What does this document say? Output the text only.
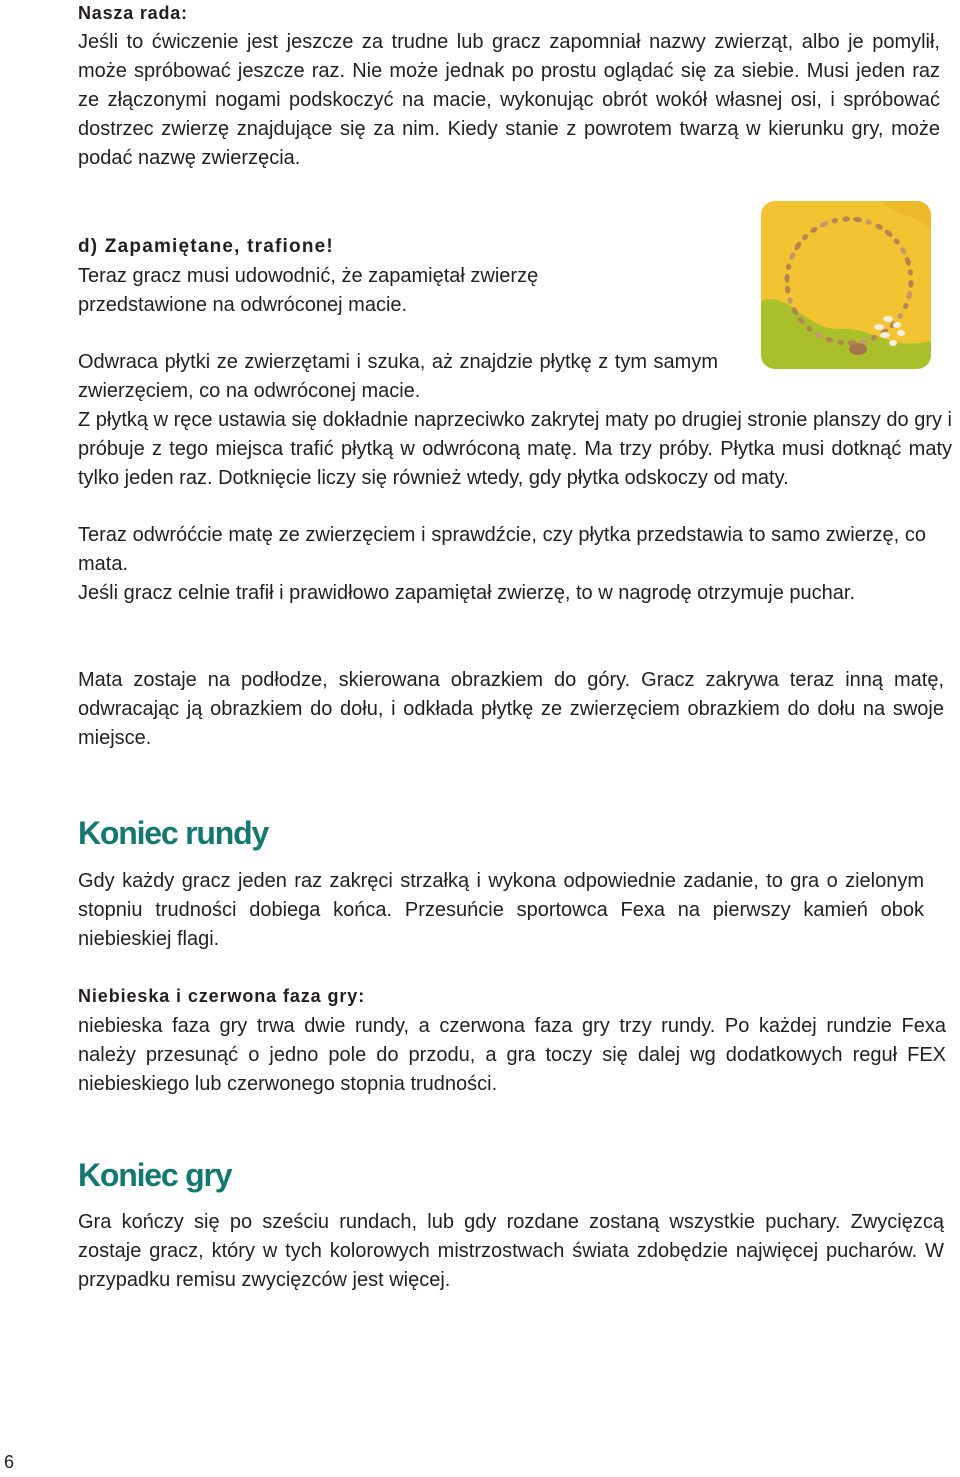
Nasza rada:

Jeśli to ćwiczenie jest jeszcze za trudne lub gracz zapomniał nazwy zwierząt, albo je pomylił, może spróbować jeszcze raz. Nie może jednak po prostu oglądać się za siebie. Musi jeden raz ze złączonymi nogami podskoczyć na macie, wykonując obrót wokół własnej osi, i spróbować dostrzec zwierzę znajdujące się za nim. Kiedy stanie z powrotem twarzą w kierunku gry, może podać nazwę zwierzęcia.

d) Zapamiętane, trafione!

Teraz gracz musi udowodnić, że zapamiętał zwierzę przedstawione na odwróconej macie.

Odwraca płytki ze zwierzętami i szuka, aż znajdzie płytkę z tym samym zwierzęciem, co na odwróconej macie.

Z płytką w ręce ustawia się dokładnie naprzeciwko zakrytej maty po drugiej stronie planszy do gry i próbuje z tego miejsca trafić płytką w odwróconą matę. Ma trzy próby. Płytka musi dotknąć maty tylko jeden raz. Dotknięcie liczy się również wtedy, gdy płytka odskoczy od maty.

Teraz odwróćcie matę ze zwierzęciem i sprawdźcie, czy płytka przedstawia to samo zwierzę, co mata.

Jeśli gracz celnie trafił i prawidłowo zapamiętał zwierzę, to w nagrodę otrzymuje puchar.

Mata zostaje na podłodze, skierowana obrazkiem do góry. Gracz zakrywa teraz inną matę, odwracając ją obrazkiem do dołu, i odkłada płytkę ze zwierzęciem obrazkiem do dołu na swoje miejsce.

Koniec rundy

Gdy każdy gracz jeden raz zakręci strzałką i wykona odpowiednie zadanie, to gra o zielonym stopniu trudności dobiega końca. Przesuńcie sportowca Fexa na pierwszy kamień obok niebieskiej flagi.

Niebieska i czerwona faza gry:

niebieska faza gry trwa dwie rundy, a czerwona faza gry trzy rundy. Po każdej rundzie Fexa należy przesunąć o jedno pole do przodu, a gra toczy się dalej wg dodatkowych reguł FEX niebieskiego lub czerwonego stopnia trudności.

Koniec gry

Gra kończy się po sześciu rundach, lub gdy rozdane zostaną wszystkie puchary. Zwycięzcą zostaje gracz, który w tych kolorowych mistrzostwach świata zdobędzie najwięcej pucharów. W przypadku remisu zwycięzców jest więcej.

6
